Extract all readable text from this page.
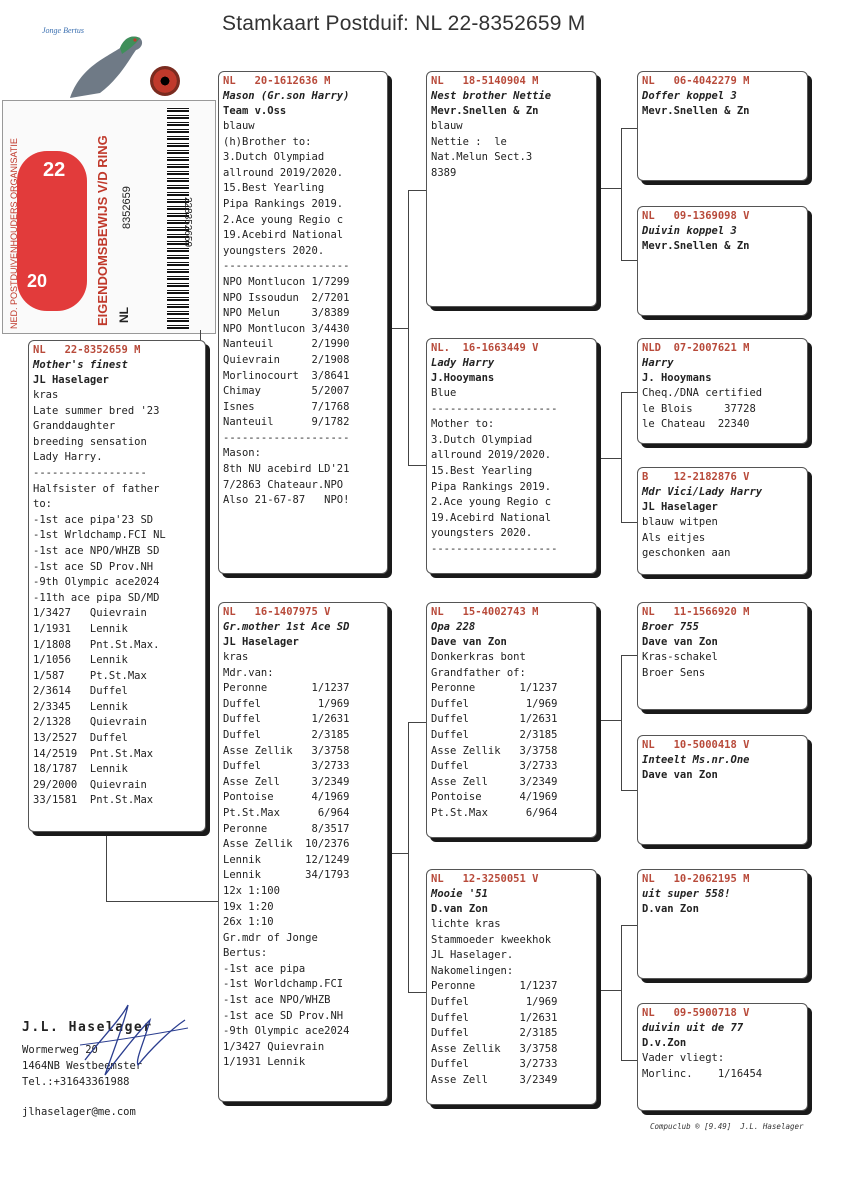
Stamkaart Postduif: NL 22-8352659 M
Jonge Bertus
22
20
NED. POSTDUIVENHOUDERS ORGANISATIE	EIGENDOMSBEWIJS V/D RING NL
8352659	228352659
NL   22-8352659 M
Mother's finest
JL Haselager
kras
Late summer bred '23
Granddaughter
breeding sensation
Lady Harry.
------------------
Halfsister of father
to:
-1st ace pipa'23 SD
-1st Wrldchamp.FCI NL
-1st ace NPO/WHZB SD
-1st ace SD Prov.NH
-9th Olympic ace2024
-11th ace pipa SD/MD
1/3427   Quievrain
1/1931   Lennik
1/1808   Pnt.St.Max.
1/1056   Lennik
1/587    Pt.St.Max
2/3614   Duffel
2/3345   Lennik
2/1328   Quievrain
13/2527  Duffel
14/2519  Pnt.St.Max
18/1787  Lennik
29/2000  Quievrain
33/1581  Pnt.St.Max
NL   20-1612636 M
Mason (Gr.son Harry)
Team v.Oss
blauw
(h)Brother to:
3.Dutch Olympiad
allround 2019/2020.
15.Best Yearling
Pipa Rankings 2019.
2.Ace young Regio c
19.Acebird National
youngsters 2020.
--------------------
NPO Montlucon 1/7299
NPO Issoudun  2/7201
NPO Melun     3/8389
NPO Montlucon 3/4430
Nanteuil      2/1990
Quievrain     2/1908
Morlinocourt  3/8641
Chimay        5/2007
Isnes         7/1768
Nanteuil      9/1782
--------------------
Mason:
8th NU acebird LD'21
7/2863 Chateaur.NPO
Also 21-67-87   NPO!
NL   16-1407975 V
Gr.mother 1st Ace SD
JL Haselager
kras
Mdr.van:
Peronne       1/1237
Duffel         1/969
Duffel        1/2631
Duffel        2/3185
Asse Zellik   3/3758
Duffel        3/2733
Asse Zell     3/2349
Pontoise      4/1969
Pt.St.Max      6/964
Peronne       8/3517
Asse Zellik  10/2376
Lennik       12/1249
Lennik       34/1793
12x 1:100
19x 1:20
26x 1:10
Gr.mdr of Jonge
Bertus:
-1st ace pipa
-1st Worldchamp.FCI
-1st ace NPO/WHZB
-1st ace SD Prov.NH
-9th Olympic ace2024
1/3427 Quievrain
1/1931 Lennik
NL   18-5140904 M
Nest brother Nettie
Mevr.Snellen & Zn
blauw
Nettie :  le
Nat.Melun Sect.3
8389
NL.  16-1663449 V
Lady Harry
J.Hooymans
Blue
--------------------
Mother to:
3.Dutch Olympiad
allround 2019/2020.
15.Best Yearling
Pipa Rankings 2019.
2.Ace young Regio c
19.Acebird National
youngsters 2020.
--------------------
NL   15-4002743 M
Opa 228
Dave van Zon
Donkerkras bont
Grandfather of:
Peronne       1/1237
Duffel         1/969
Duffel        1/2631
Duffel        2/3185
Asse Zellik   3/3758
Duffel        3/2733
Asse Zell     3/2349
Pontoise      4/1969
Pt.St.Max      6/964
NL   12-3250051 V
Mooie '51
D.van Zon
lichte kras
Stammoeder kweekhok
JL Haselager.
Nakomelingen:
Peronne       1/1237
Duffel         1/969
Duffel        1/2631
Duffel        2/3185
Asse Zellik   3/3758
Duffel        3/2733
Asse Zell     3/2349
NL   06-4042279 M
Doffer koppel 3
Mevr.Snellen & Zn
NL   09-1369098 V
Duivin koppel 3
Mevr.Snellen & Zn
NLD  07-2007621 M
Harry
J. Hooymans
Cheq./DNA certified
le Blois     37728
le Chateau  22340
B    12-2182876 V
Mdr Vici/Lady Harry
JL Haselager
blauw witpen
Als eitjes
geschonken aan
NL   11-1566920 M
Broer 755
Dave van Zon
Kras-schakel
Broer Sens
NL   10-5000418 V
Inteelt Ms.nr.One
Dave van Zon
NL   10-2062195 M
uit super 558!
D.van Zon
NL   09-5900718 V
duivin uit de 77
D.v.Zon
Vader vliegt:
Morlinc.    1/16454
J.L. Haselager
Wormerweg 20
1464NB Westbeemster
Tel.:+31643361988
jlhaselager@me.com
Compuclub ® [9.49]  J.L. Haselager
